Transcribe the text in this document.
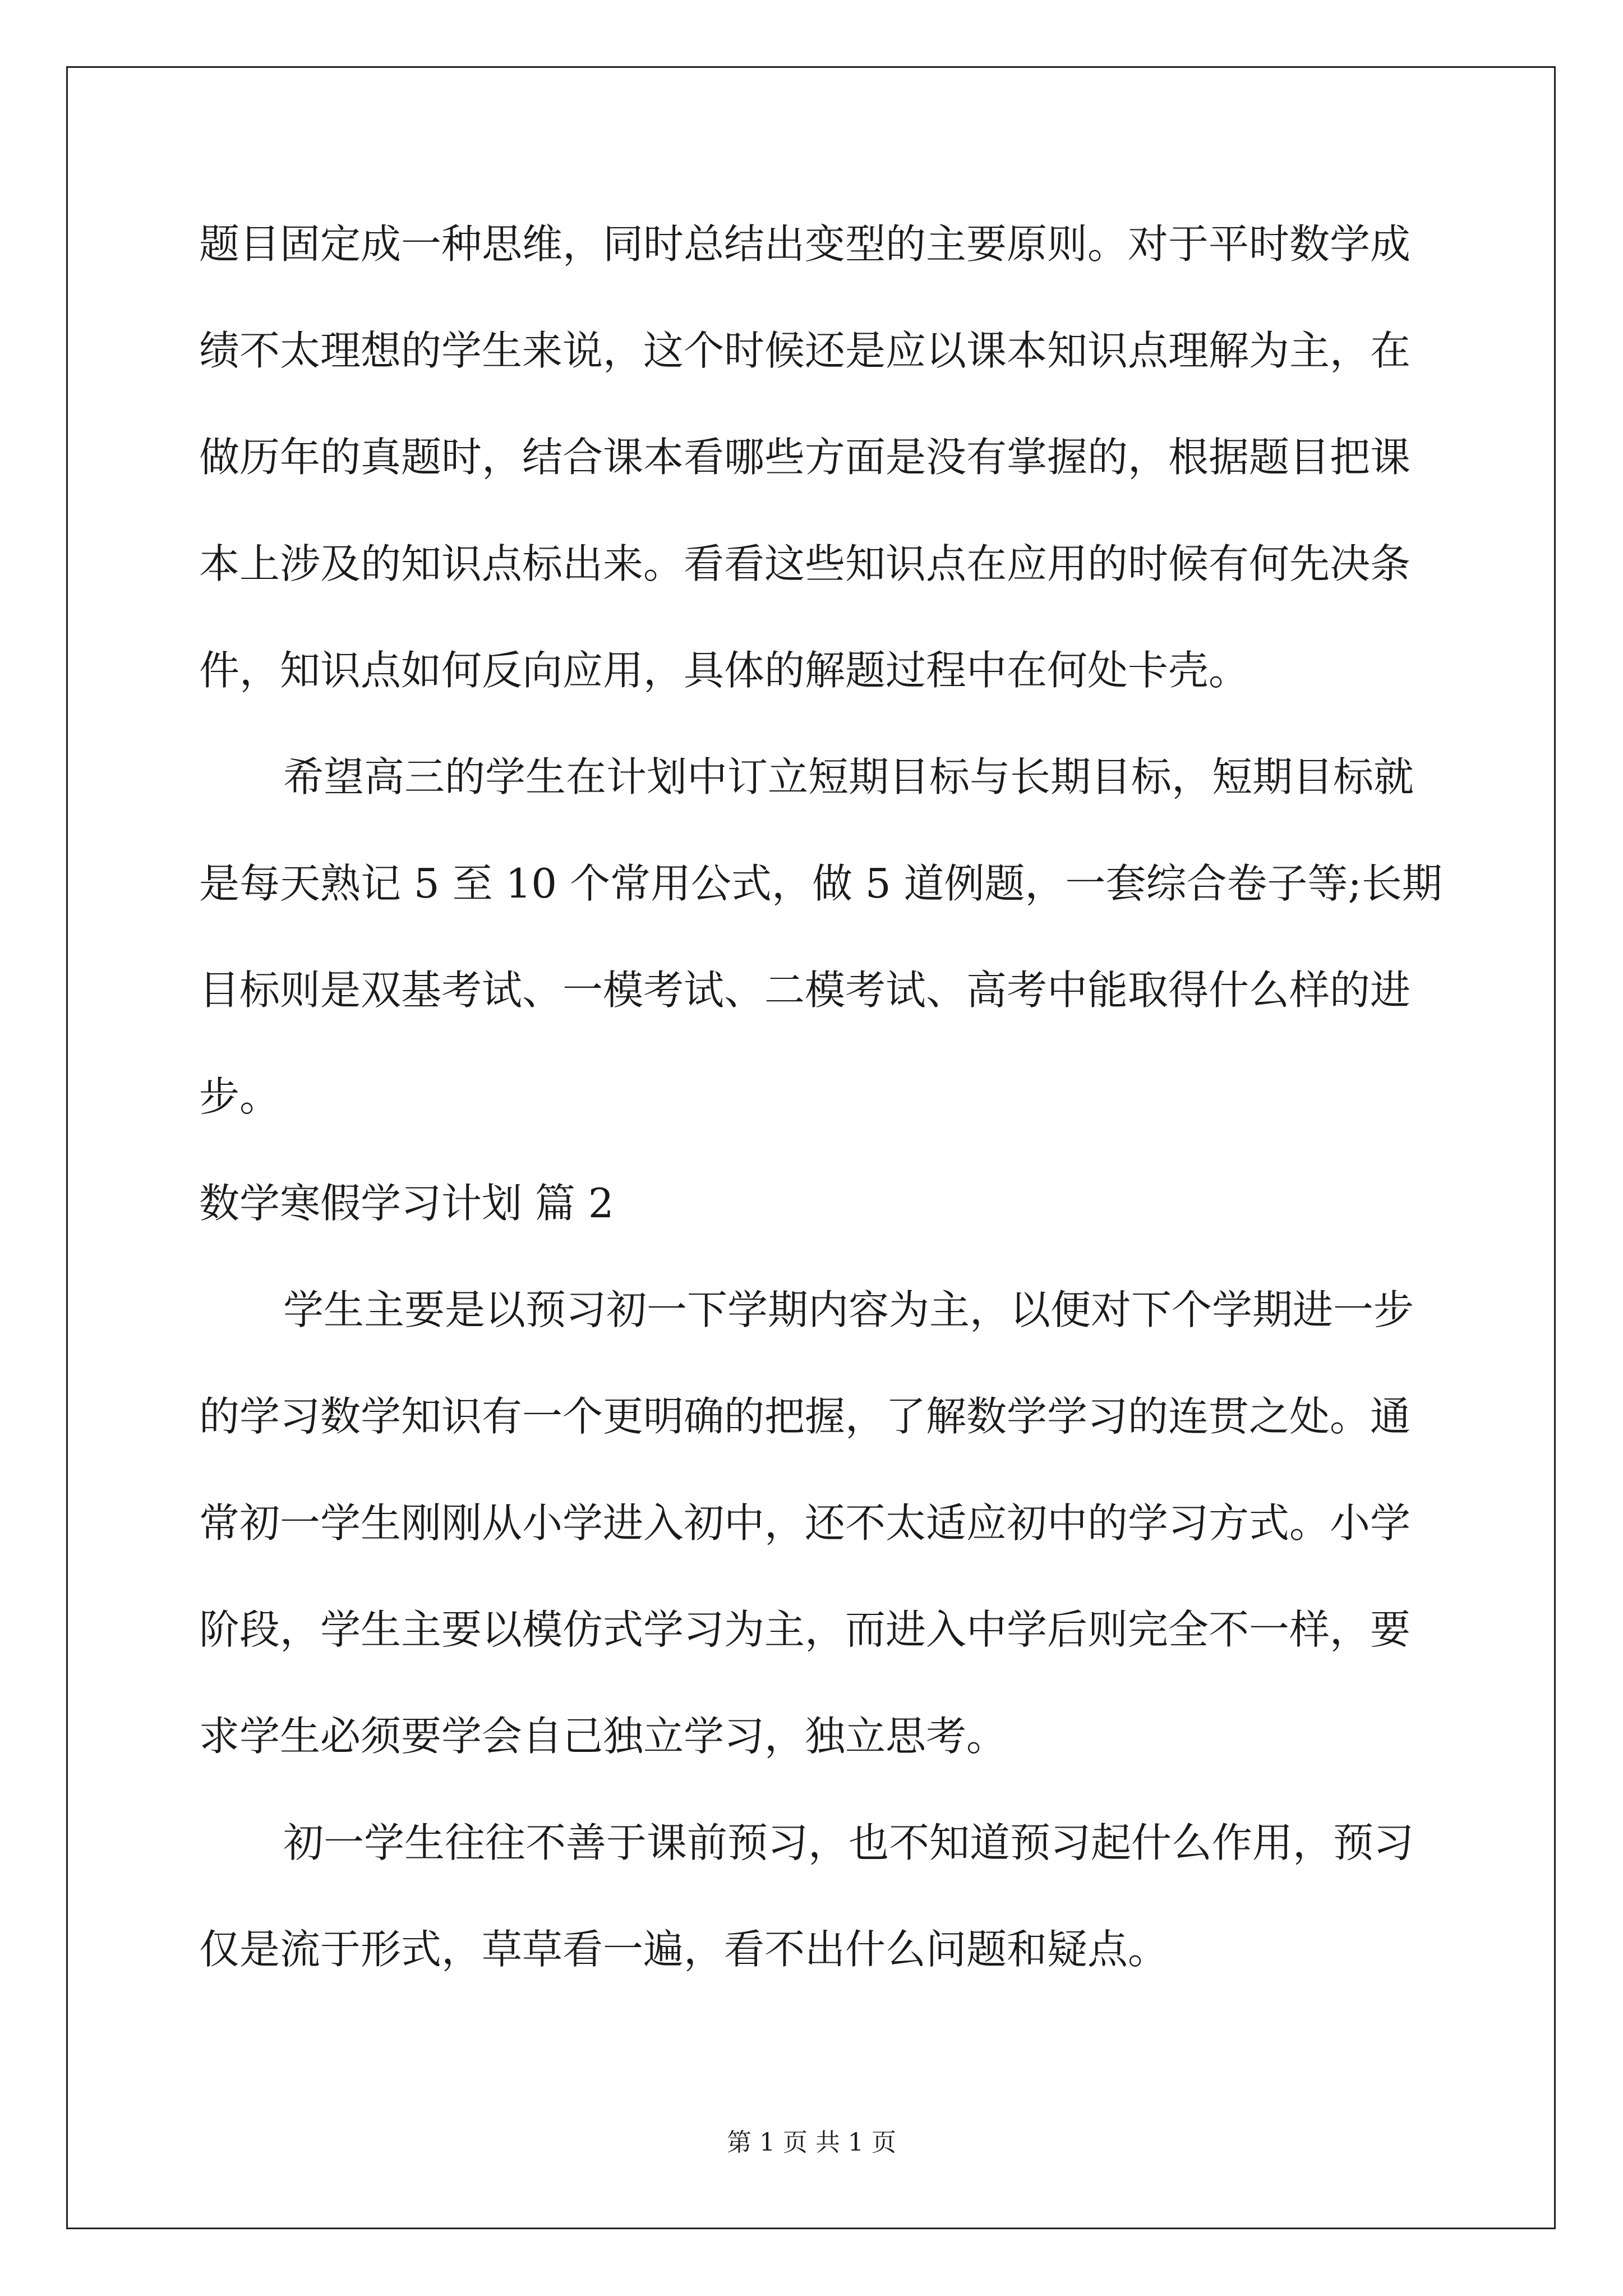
题目固定成一种思维，同时总结出变型的主要原则。对于平时数学成
绩不太理想的学生来说，这个时候还是应以课本知识点理解为主，在
做历年的真题时，结合课本看哪些方面是没有掌握的，根据题目把课
本上涉及的知识点标出来。看看这些知识点在应用的时候有何先决条
件，知识点如何反向应用，具体的解题过程中在何处卡壳。
希望高三的学生在计划中订立短期目标与长期目标，短期目标就
是每天熟记 5 至 10 个常用公式，做 5 道例题，一套综合卷子等;长期
目标则是双基考试、一模考试、二模考试、高考中能取得什么样的进
步。
数学寒假学习计划 篇 2
学生主要是以预习初一下学期内容为主，以便对下个学期进一步
的学习数学知识有一个更明确的把握，了解数学学习的连贯之处。通
常初一学生刚刚从小学进入初中，还不太适应初中的学习方式。小学
阶段，学生主要以模仿式学习为主，而进入中学后则完全不一样，要
求学生必须要学会自己独立学习，独立思考。
初一学生往往不善于课前预习，也不知道预习起什么作用，预习
仅是流于形式，草草看一遍，看不出什么问题和疑点。
第 1 页 共 1 页
